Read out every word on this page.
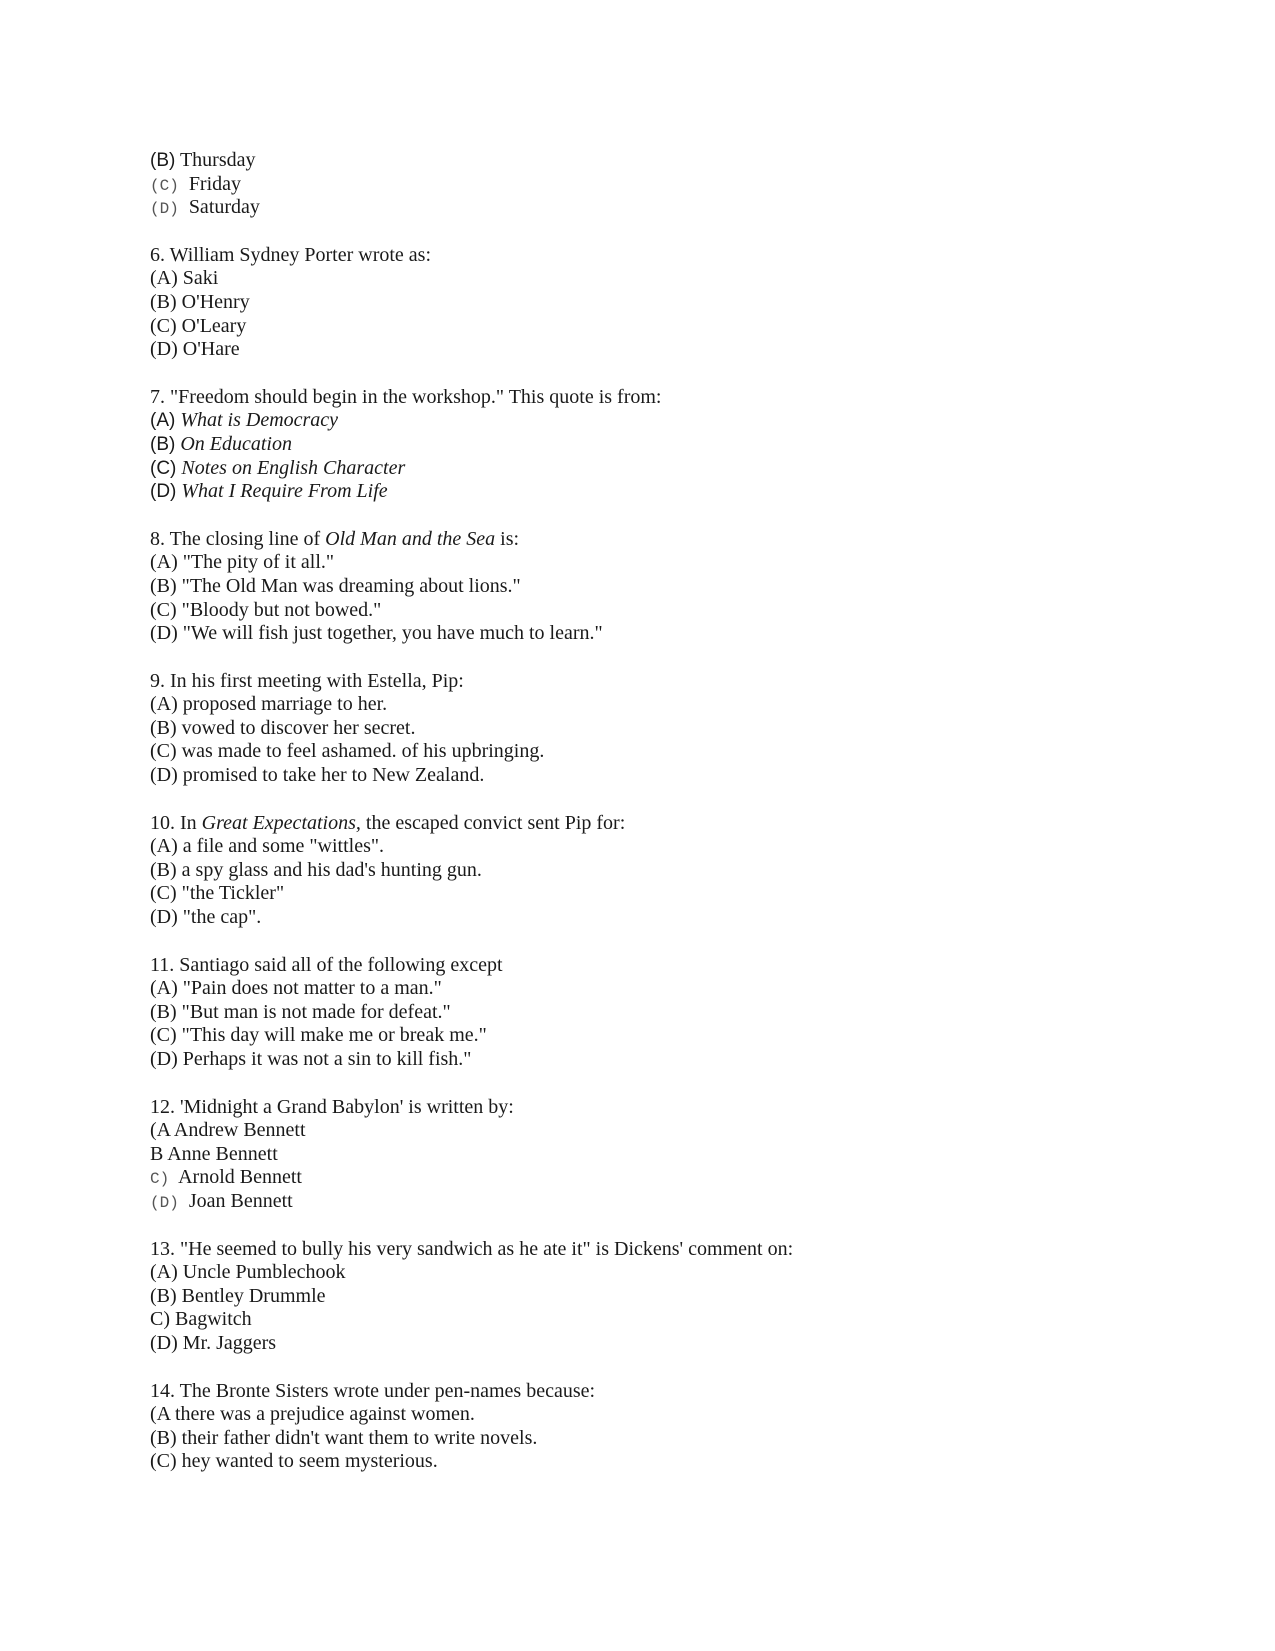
(B) Thursday
(C) Friday
(D) Saturday
6. William Sydney Porter wrote as:
(A) Saki
(B) O'Henry
(C) O'Leary
(D) O'Hare
7. "Freedom should begin in the workshop." This quote is from:
(A) What is Democracy
(B) On Education
(C) Notes on English Character
(D) What I Require From Life
8. The closing line of Old Man and the Sea is:
(A) "The pity of it all."
(B) "The Old Man was dreaming about lions."
(C) "Bloody but not bowed."
(D) "We will fish just together, you have much to learn."
9. In his first meeting with Estella, Pip:
(A) proposed marriage to her.
(B) vowed to discover her secret.
(C) was made to feel ashamed. of his upbringing.
(D) promised to take her to New Zealand.
10. In Great Expectations, the escaped convict sent Pip for:
(A) a file and some "wittles".
(B) a spy glass and his dad's hunting gun.
(C) "the Tickler"
(D) "the cap".
11. Santiago said all of the following except
(A) "Pain does not matter to a man."
(B) "But man is not made for defeat."
(C) "This day will make me or break me."
(D) Perhaps it was not a sin to kill fish."
12. 'Midnight a Grand Babylon' is written by:
(A Andrew Bennett
B Anne Bennett
C) Arnold Bennett
(D) Joan Bennett
13. "He seemed to bully his very sandwich as he ate it" is Dickens' comment on:
(A) Uncle Pumblechook
(B) Bentley Drummle
C) Bagwitch
(D) Mr. Jaggers
14. The Bronte Sisters wrote under pen-names because:
(A there was a prejudice against women.
(B) their father didn't want them to write novels.
(C) hey wanted to seem mysterious.
